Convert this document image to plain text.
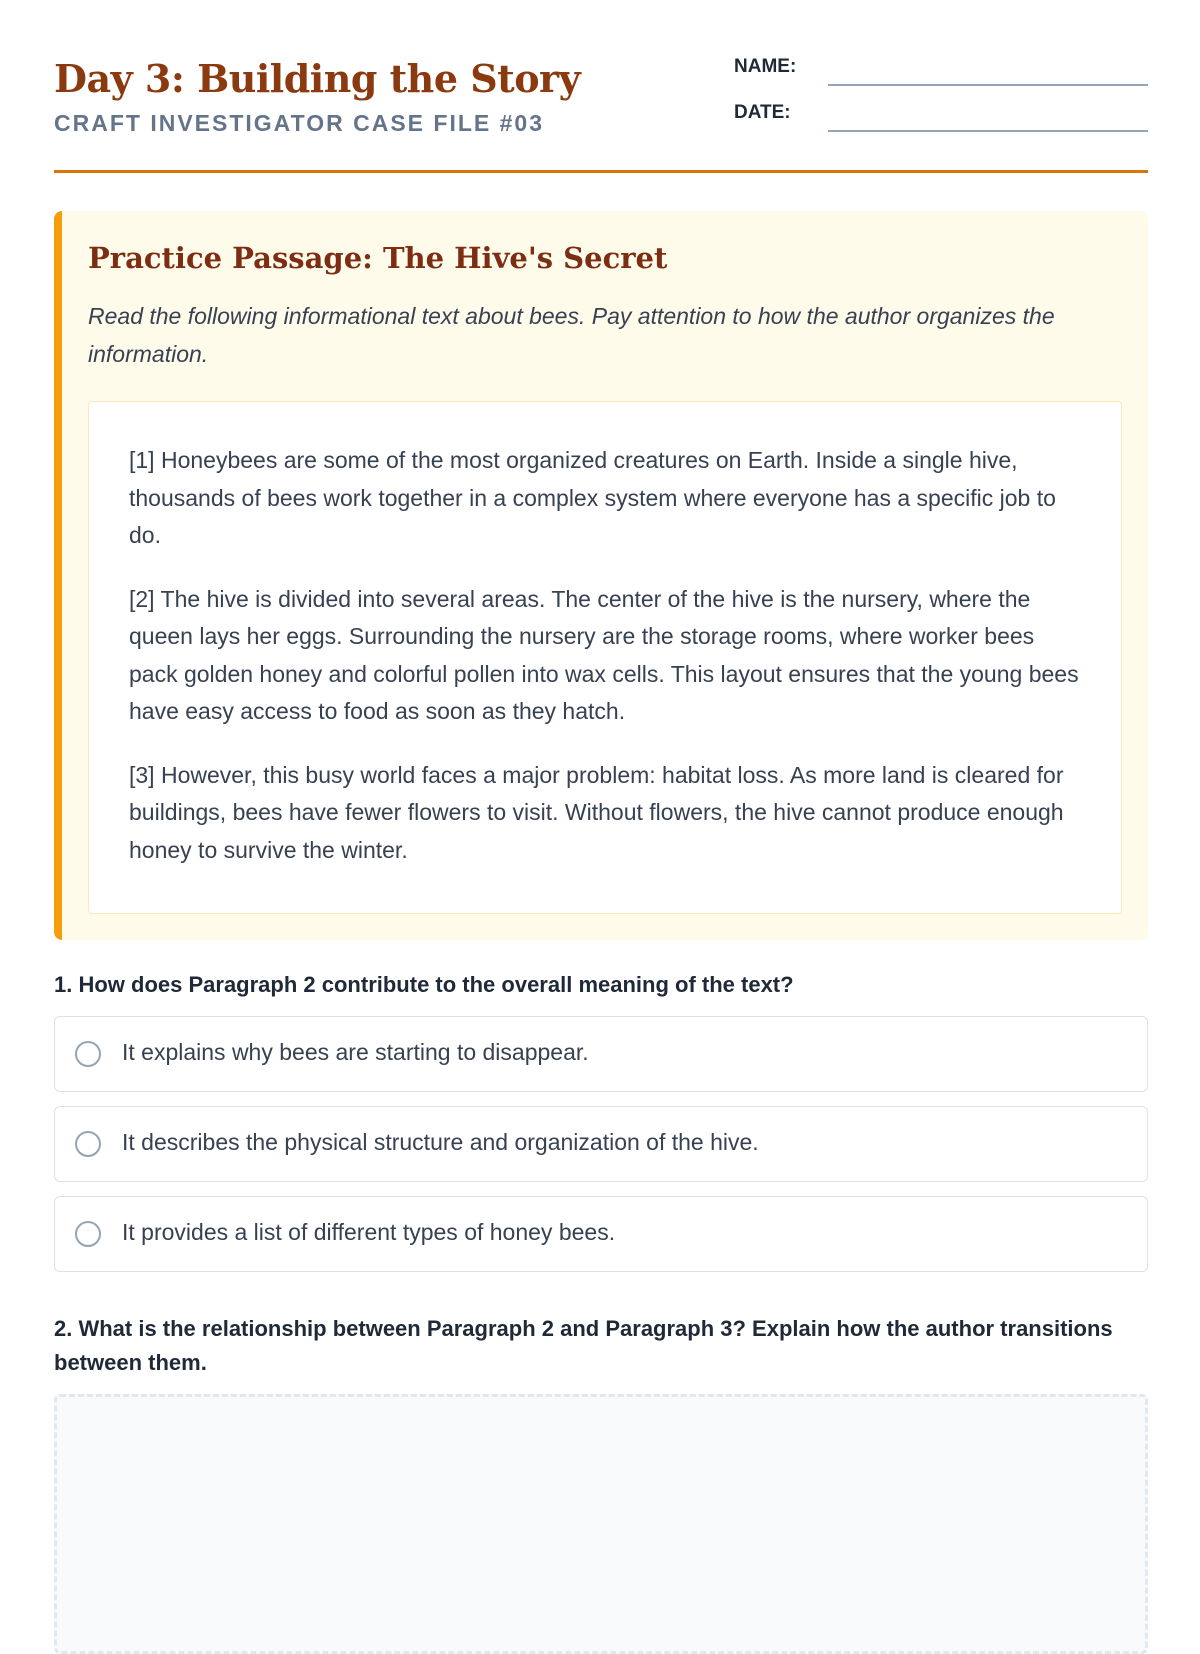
Day 3: Building the Story
CRAFT INVESTIGATOR CASE FILE #03
NAME:
DATE:
Practice Passage: The Hive's Secret

Read the following informational text about bees. Pay attention to how the author organizes the information.

[1] Honeybees are some of the most organized creatures on Earth. Inside a single hive, thousands of bees work together in a complex system where everyone has a specific job to do.

[2] The hive is divided into several areas. The center of the hive is the nursery, where the queen lays her eggs. Surrounding the nursery are the storage rooms, where worker bees pack golden honey and colorful pollen into wax cells. This layout ensures that the young bees have easy access to food as soon as they hatch.

[3] However, this busy world faces a major problem: habitat loss. As more land is cleared for buildings, bees have fewer flowers to visit. Without flowers, the hive cannot produce enough honey to survive the winter.

1. How does Paragraph 2 contribute to the overall meaning of the text?

It explains why bees are starting to disappear.
It describes the physical structure and organization of the hive.
It provides a list of different types of honey bees.

2. What is the relationship between Paragraph 2 and Paragraph 3? Explain how the author transitions between them.
